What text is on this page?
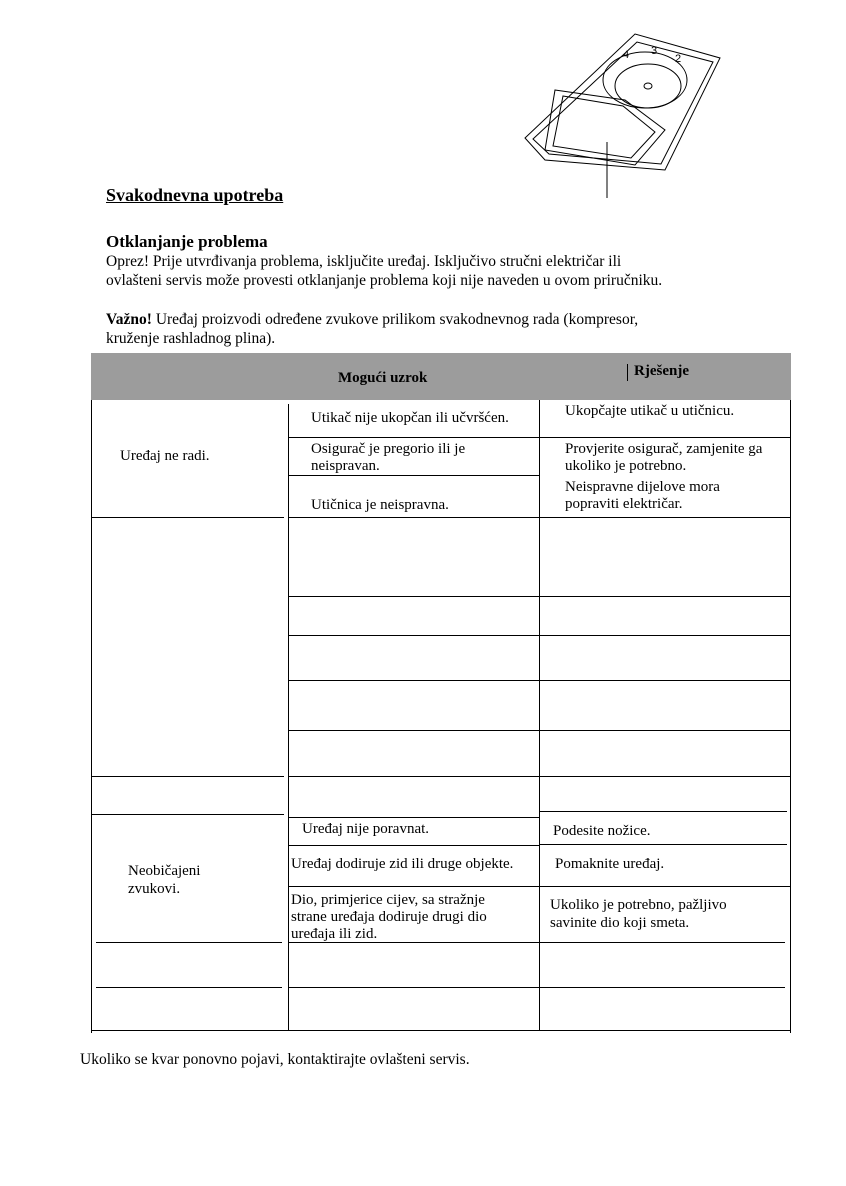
4 3
2
Svakodnevna upotreba
Otklanjanje problema
Oprez! Prije utvrđivanja problema, isključite uređaj. Isključivo stručni električar ili
ovlašteni servis može provesti otklanjanje problema koji nije naveden u ovom priručniku.
Važno! Uređaj proizvodi određene zvukove prilikom svakodnevnog rada (kompresor,
kruženje rashladnog plina).
Mogući uzrok	Rješenje
Uređaj ne radi.
Neobičajeni
zvukovi.
Utikač nije ukopčan ili učvršćen.
Osigurač je pregorio ili je
neispravan.
Utičnica je neispravna.
Uređaj nije poravnat.
Uređaj dodiruje zid ili druge objekte.
Dio, primjerice cijev, sa stražnje
strane uređaja dodiruje drugi dio
uređaja ili zid.
Ukopčajte utikač u utičnicu.
Provjerite osigurač, zamjenite ga
ukoliko je potrebno.
Neispravne dijelove mora
popraviti električar.
Podesite nožice.
Pomaknite uređaj.
Ukoliko je potrebno, pažljivo
savinite dio koji smeta.
Ukoliko se kvar ponovno pojavi, kontaktirajte ovlašteni servis.
